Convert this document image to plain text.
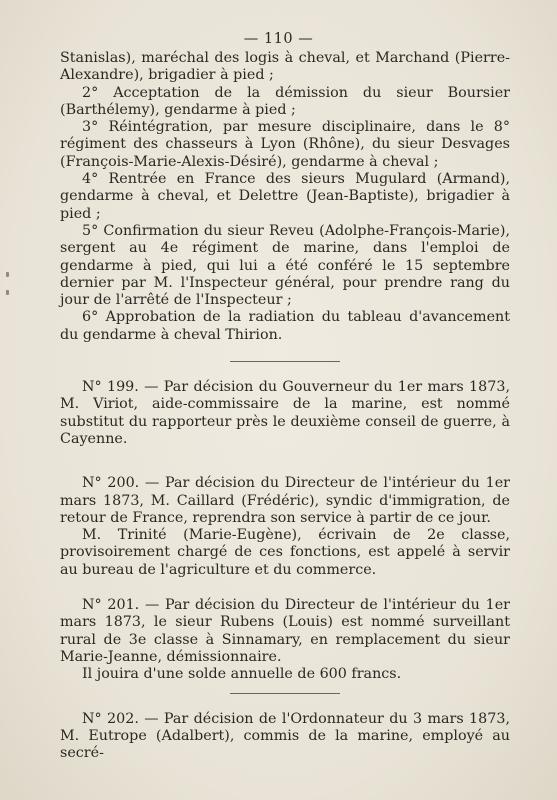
— 110 —

Stanislas), maréchal des logis à cheval, et Marchand (Pierre-Alexandre), brigadier à pied ;

2° Acceptation de la démission du sieur Boursier (Barthélemy), gendarme à pied ;

3° Réintégration, par mesure disciplinaire, dans le 8° régiment des chasseurs à Lyon (Rhône), du sieur Desvages (François-Marie-Alexis-Désiré), gendarme à cheval ;

4° Rentrée en France des sieurs Mugulard (Armand), gendarme à cheval, et Delettre (Jean-Baptiste), brigadier à pied ;

5° Confirmation du sieur Reveu (Adolphe-François-Marie), sergent au 4e régiment de marine, dans l'emploi de gendarme à pied, qui lui a été conféré le 15 septembre dernier par M. l'Inspecteur général, pour prendre rang du jour de l'arrêté de l'Inspecteur ;

6° Approbation de la radiation du tableau d'avancement du gendarme à cheval Thirion.

N° 199. — Par décision du Gouverneur du 1er mars 1873, M. Viriot, aide-commissaire de la marine, est nommé substitut du rapporteur près le deuxième conseil de guerre, à Cayenne.

N° 200. — Par décision du Directeur de l'intérieur du 1er mars 1873, M. Caillard (Frédéric), syndic d'immigration, de retour de France, reprendra son service à partir de ce jour.

M. Trinité (Marie-Eugène), écrivain de 2e classe, provisoirement chargé de ces fonctions, est appelé à servir au bureau de l'agriculture et du commerce.

N° 201. — Par décision du Directeur de l'intérieur du 1er mars 1873, le sieur Rubens (Louis) est nommé surveillant rural de 3e classe à Sinnamary, en remplacement du sieur Marie-Jeanne, démissionnaire.

Il jouira d'une solde annuelle de 600 francs.

N° 202. — Par décision de l'Ordonnateur du 3 mars 1873, M. Eutrope (Adalbert), commis de la marine, employé au secré-
